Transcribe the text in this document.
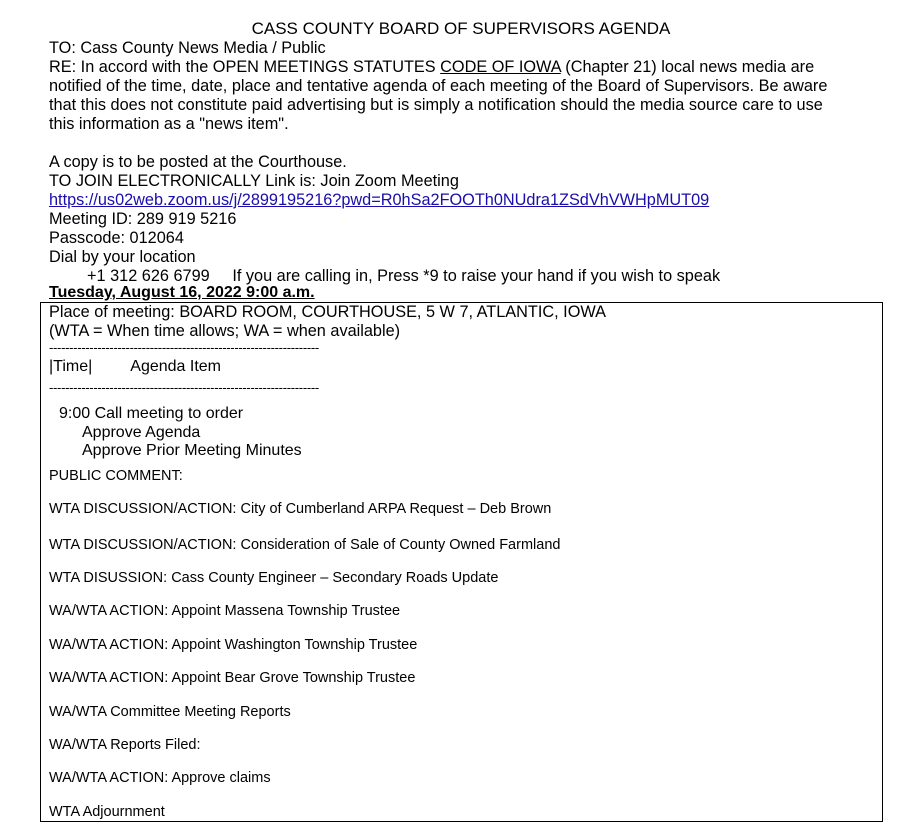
CASS COUNTY BOARD OF SUPERVISORS AGENDA

TO: Cass County News Media / Public

RE: In accord with the OPEN MEETINGS STATUTES CODE OF IOWA (Chapter 21) local news media are
notified of the time, date, place and tentative agenda of each meeting of the Board of Supervisors. Be aware
that this does not constitute paid advertising but is simply a notification should the media source care to use
this information as a "news item".

A copy is to be posted at the Courthouse.

TO JOIN ELECTRONICALLY Link is: Join Zoom Meeting

https://us02web.zoom.us/j/2899195216?pwd=R0hSa2FOOTh0NUdra1ZSdVhVWHpMUT09

Meeting ID: 289 919 5216

Passcode: 012064

Dial by your location

+1 312 626 6799 If you are calling in, Press *9 to raise your hand if you wish to speak

Tuesday, August 16, 2022 9:00 a.m.
Place of meeting: BOARD ROOM, COURTHOUSE, 5 W 7, ATLANTIC, IOWA
(WTA = When time allows; WA = when available)
-------------------------------------------------------------------
|Time| Agenda Item
-------------------------------------------------------------------
9:00 Call meeting to order
Approve Agenda
Approve Prior Meeting Minutes
PUBLIC COMMENT:
WTA DISCUSSION/ACTION: City of Cumberland ARPA Request – Deb Brown
WTA DISCUSSION/ACTION: Consideration of Sale of County Owned Farmland
WTA DISUSSION: Cass County Engineer – Secondary Roads Update
WA/WTA ACTION: Appoint Massena Township Trustee
WA/WTA ACTION: Appoint Washington Township Trustee
WA/WTA ACTION: Appoint Bear Grove Township Trustee
WA/WTA Committee Meeting Reports
WA/WTA Reports Filed:
WA/WTA ACTION: Approve claims
WTA Adjournment
